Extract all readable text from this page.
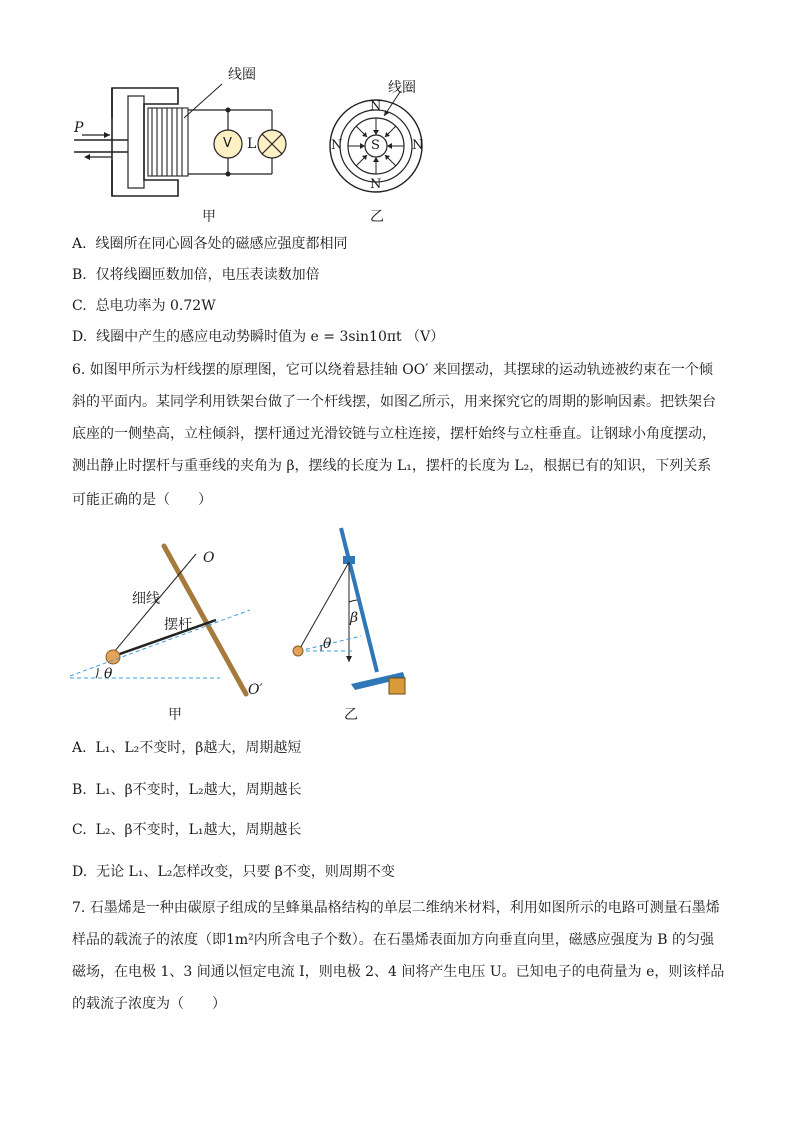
线圈
P
V L
甲
线圈
N
N
N	N
S
乙
A. 线圈所在同心圆各处的磁感应强度都相同
B. 仅将线圈匝数加倍，电压表读数加倍
C. 总电功率为 0.72W
D. 线圈中产生的感应电动势瞬时值为 e = 3sin10πt （V）
6. 如图甲所示为杆线摆的原理图，它可以绕着悬挂轴 OO′ 来回摆动，其摆球的运动轨迹被约束在一个倾
斜的平面内。某同学利用铁架台做了一个杆线摆，如图乙所示，用来探究它的周期的影响因素。把铁架台
底座的一侧垫高，立柱倾斜，摆杆通过光滑铰链与立柱连接，摆杆始终与立柱垂直。让钢球小角度摆动，
测出静止时摆杆与重垂线的夹角为 β，摆线的长度为 L₁，摆杆的长度为 L₂，根据已有的知识，下列关系
可能正确的是（　　）
O
O′
细线
摆杆
θ
甲
β
θ
乙
A. L₁、L₂不变时，β越大，周期越短
B. L₁、β不变时，L₂越大，周期越长
C. L₂、β不变时，L₁越大，周期越长
D. 无论 L₁、L₂怎样改变，只要 β不变，则周期不变
7. 石墨烯是一种由碳原子组成的呈蜂巢晶格结构的单层二维纳米材料，利用如图所示的电路可测量石墨烯
样品的载流子的浓度（即1m²内所含电子个数）。在石墨烯表面加方向垂直向里，磁感应强度为 B 的匀强
磁场，在电极 1、3 间通以恒定电流 I，则电极 2、4 间将产生电压 U。已知电子的电荷量为 e，则该样品
的载流子浓度为（　　）
